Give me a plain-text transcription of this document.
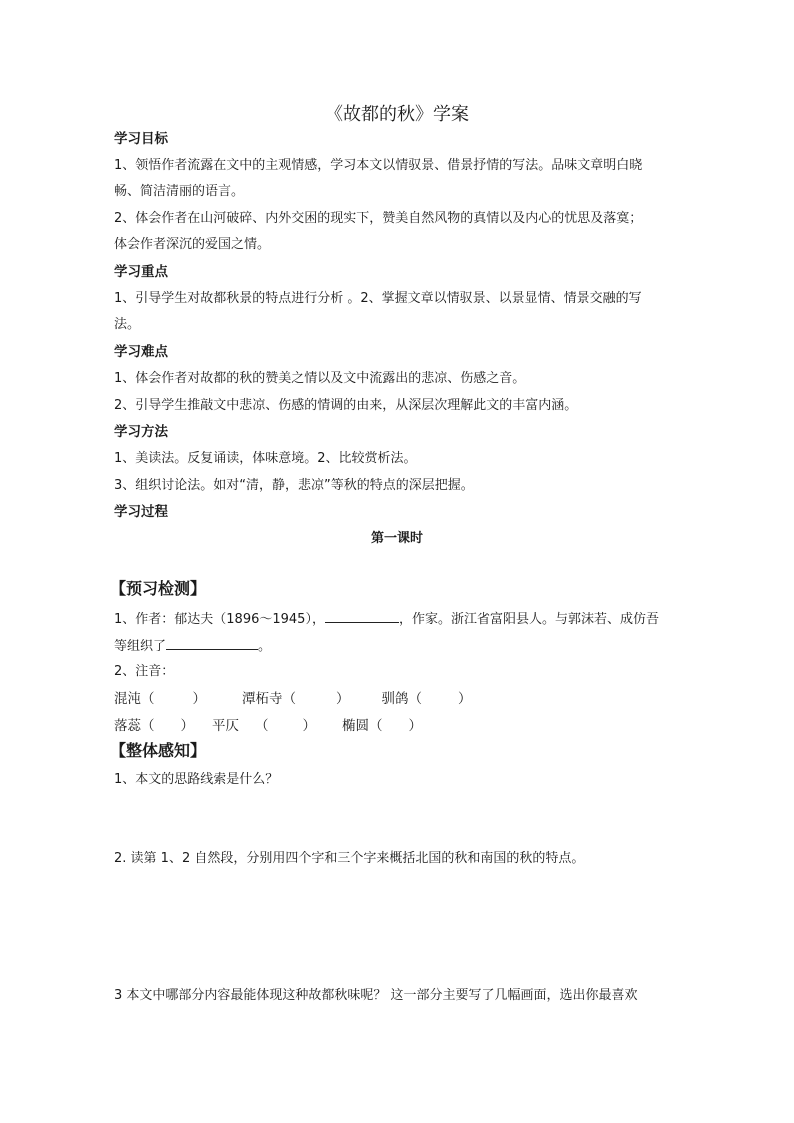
《故都的秋》学案
学习目标
1、领悟作者流露在文中的主观情感，学习本文以情驭景、借景抒情的写法。品味文章明白晓
畅、简洁清丽的语言。
2、体会作者在山河破碎、内外交困的现实下，赞美自然风物的真情以及内心的忧思及落寞；
体会作者深沉的爱国之情。
学习重点
1、引导学生对故都秋景的特点进行分析 。2、掌握文章以情驭景、以景显情、情景交融的写
法。
学习难点
1、体会作者对故都的秋的赞美之情以及文中流露出的悲凉、伤感之音。
2、引导学生推敲文中悲凉、伤感的情调的由来，从深层次理解此文的丰富内涵。
学习方法
1、美读法。反复诵读，体味意境。2、比较赏析法。
3、组织讨论法。如对“清，静，悲凉”等秋的特点的深层把握。
学习过程
第一课时
【预习检测】
1、作者：郁达夫（1896～1945），	，作家。浙江省富阳县人。与郭沫若、成仿吾
等组织了	。
2、注音：
混沌（	）	潭柘寺（	） 驯鸽（	）
落蕊（ ） 平仄 （	） 椭圆（ ）
【整体感知】
1、本文的思路线索是什么？
2. 读第 1、2 自然段，分别用四个字和三个字来概括北国的秋和南国的秋的特点。
3 本文中哪部分内容最能体现这种故都秋味呢？ 这一部分主要写了几幅画面，选出你最喜欢
